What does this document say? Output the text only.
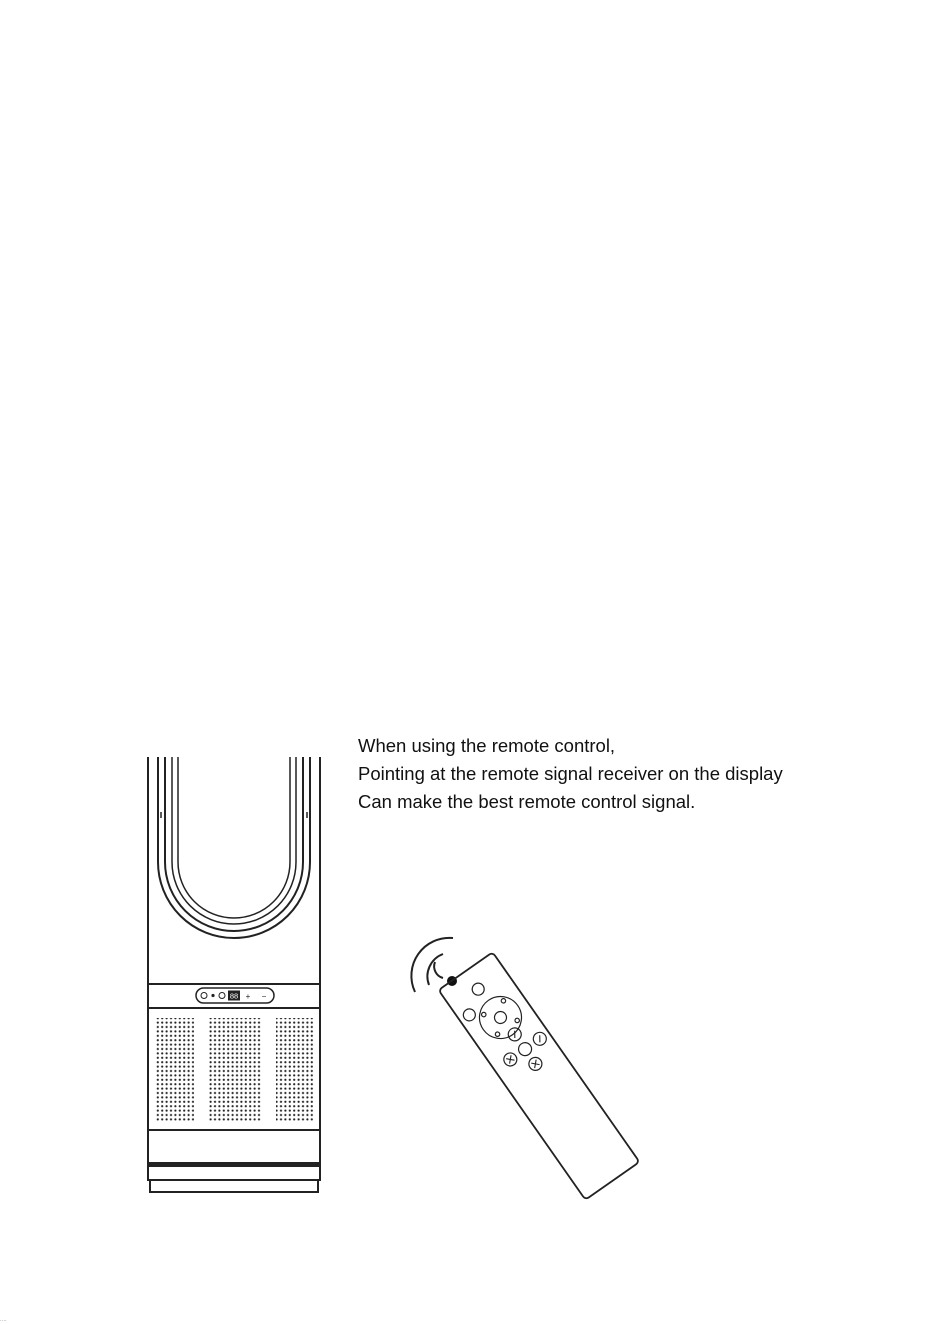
When using the remote control,

Pointing at the remote signal receiver on the display

Can make the best remote control signal.

88 + −
····
